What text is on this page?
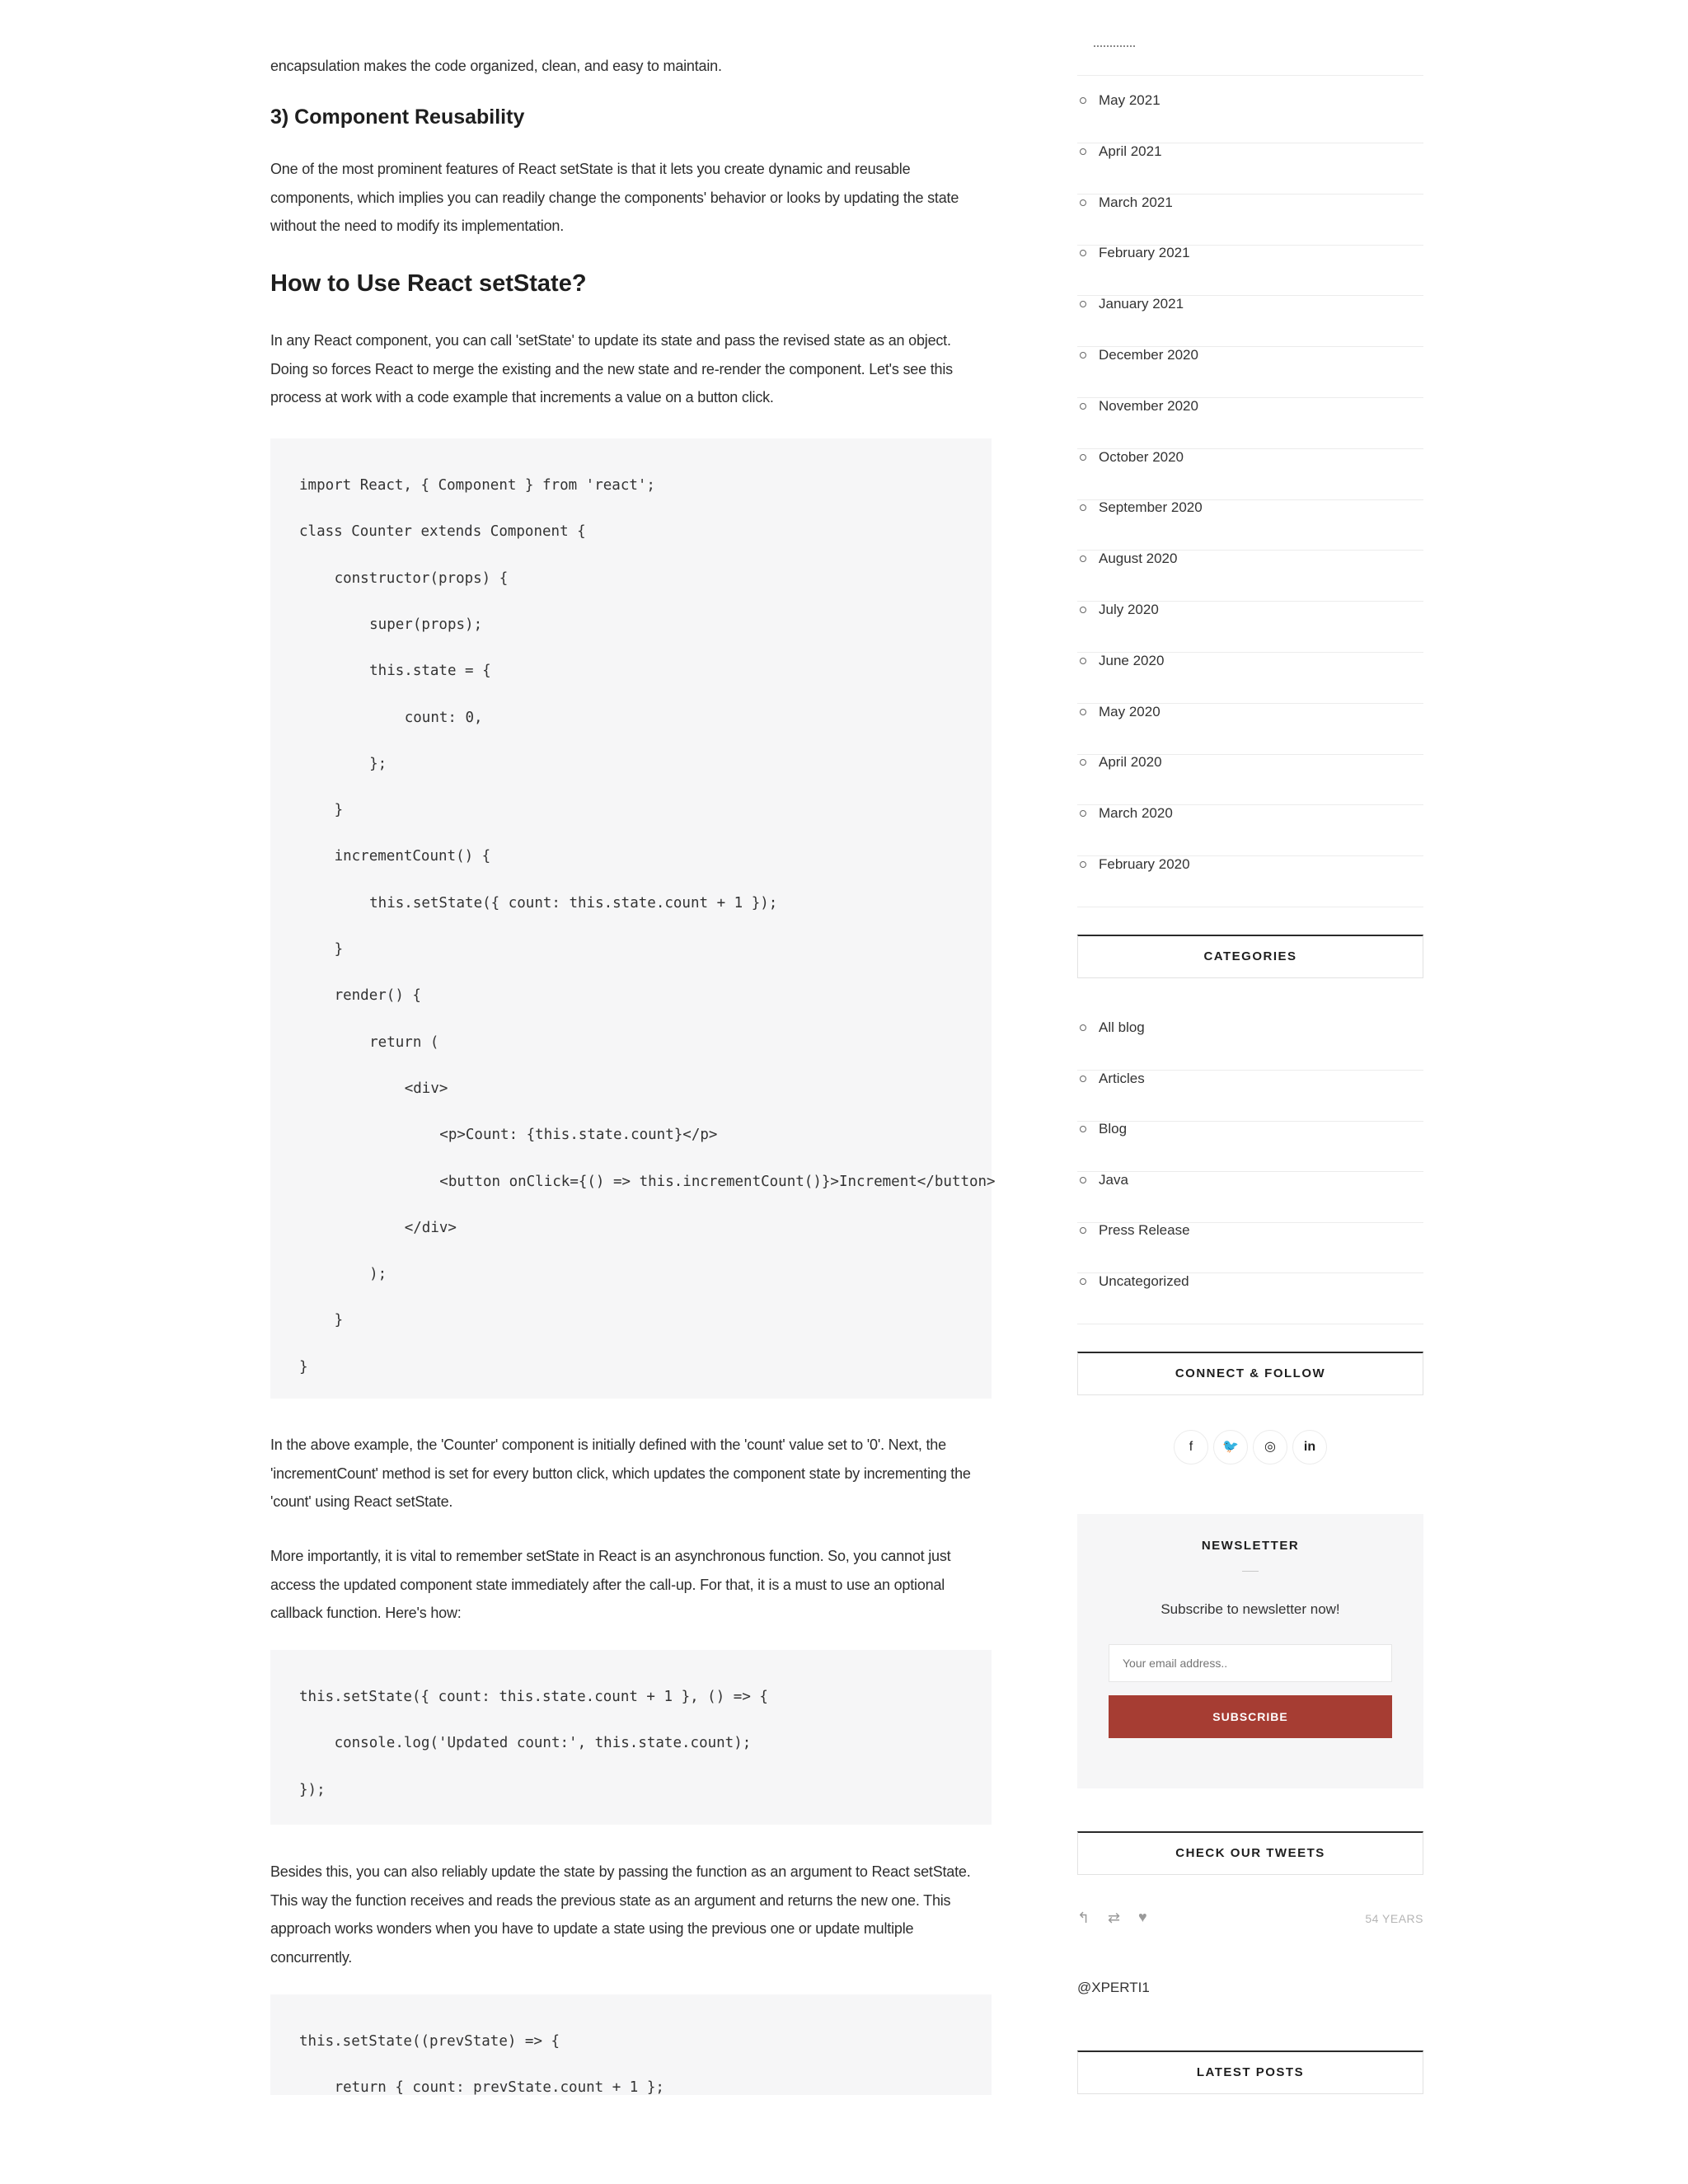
encapsulation makes the code organized, clean, and easy to maintain.

3) Component Reusability

One of the most prominent features of React setState is that it lets you create dynamic and reusable components, which implies you can readily change the components' behavior or looks by updating the state without the need to modify its implementation.

How to Use React setState?

In any React component, you can call 'setState' to update its state and pass the revised state as an object. Doing so forces React to merge the existing and the new state and re-render the component. Let's see this process at work with a code example that increments a value on a button click.

import React, { Component } from 'react';
class Counter extends Component {
constructor(props) {
super(props);
this.state = {
count: 0,
};
}
incrementCount() {
this.setState({ count: this.state.count + 1 });
}
render() {
return (
<div>
<p>Count: {this.state.count}</p>
<button onClick={() => this.incrementCount()}>Increment</button>
</div>
);
}
}

In the above example, the 'Counter' component is initially defined with the 'count' value set to '0'. Next, the 'incrementCount' method is set for every button click, which updates the component state by incrementing the 'count' using React setState.

More importantly, it is vital to remember setState in React is an asynchronous function. So, you cannot just access the updated component state immediately after the call-up. For that, it is a must to use an optional callback function. Here's how:

this.setState({ count: this.state.count + 1 }, () => {
console.log('Updated count:', this.state.count);
});

Besides this, you can also reliably update the state by passing the function as an argument to React setState. This way the function receives and reads the previous state as an argument and returns the new one. This approach works wonders when you have to update a state using the previous one or update multiple concurrently.

this.setState((prevState) => {
return { count: prevState.count + 1 };
May 2021
April 2021
March 2021
February 2021
January 2021
December 2020
November 2020
October 2020
September 2020
August 2020
July 2020
June 2020
May 2020
April 2020
March 2020
February 2020
CATEGORIES
All blog
Articles
Blog
Java
Press Release
Uncategorized
CONNECT & FOLLOW
f	🐦	◎	in
NEWSLETTER
Subscribe to newsletter now!
Your email address..
SUBSCRIBE
CHECK OUR TWEETS
↰ ⇄ ♥	54 YEARS
@XPERTI1
LATEST POSTS
